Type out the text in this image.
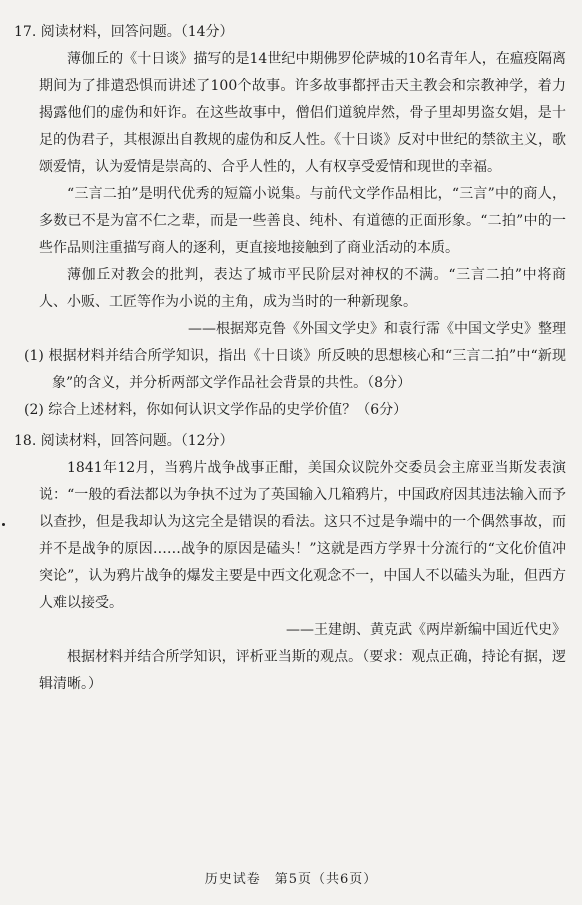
17. 阅读材料，回答问题。（14分）

薄伽丘的《十日谈》描写的是14世纪中期佛罗伦萨城的10名青年人，在瘟疫隔离期间为了排遣恐惧而讲述了100个故事。许多故事都抨击天主教会和宗教神学，着力揭露他们的虚伪和奸诈。在这些故事中，僧侣们道貌岸然，骨子里却男盗女娼，是十足的伪君子，其根源出自教规的虚伪和反人性。《十日谈》反对中世纪的禁欲主义，歌颂爱情，认为爱情是崇高的、合乎人性的，人有权享受爱情和现世的幸福。

“三言二拍”是明代优秀的短篇小说集。与前代文学作品相比，“三言”中的商人，多数已不是为富不仁之辈，而是一些善良、纯朴、有道德的正面形象。“二拍”中的一些作品则注重描写商人的逐利，更直接地接触到了商业活动的本质。

薄伽丘对教会的批判，表达了城市平民阶层对神权的不满。“三言二拍”中将商人、小贩、工匠等作为小说的主角，成为当时的一种新现象。

——根据郑克鲁《外国文学史》和袁行霈《中国文学史》整理

(1) 根据材料并结合所学知识，指出《十日谈》所反映的思想核心和“三言二拍”中“新现象”的含义，并分析两部文学作品社会背景的共性。（8分）

(2) 综合上述材料，你如何认识文学作品的史学价值？（6分）

18. 阅读材料，回答问题。（12分）

1841年12月，当鸦片战争战事正酣，美国众议院外交委员会主席亚当斯发表演说：“一般的看法都以为争执不过为了英国输入几箱鸦片，中国政府因其违法输入而予以查抄，但是我却认为这完全是错误的看法。这只不过是争端中的一个偶然事故，而并不是战争的原因……战争的原因是磕头！”这就是西方学界十分流行的“文化价值冲突论”，认为鸦片战争的爆发主要是中西文化观念不一，中国人不以磕头为耻，但西方人难以接受。

——王建朗、黄克武《两岸新编中国近代史》

根据材料并结合所学知识，评析亚当斯的观点。（要求：观点正确，持论有据，逻辑清晰。）

历史试卷　第5页（共6页）
